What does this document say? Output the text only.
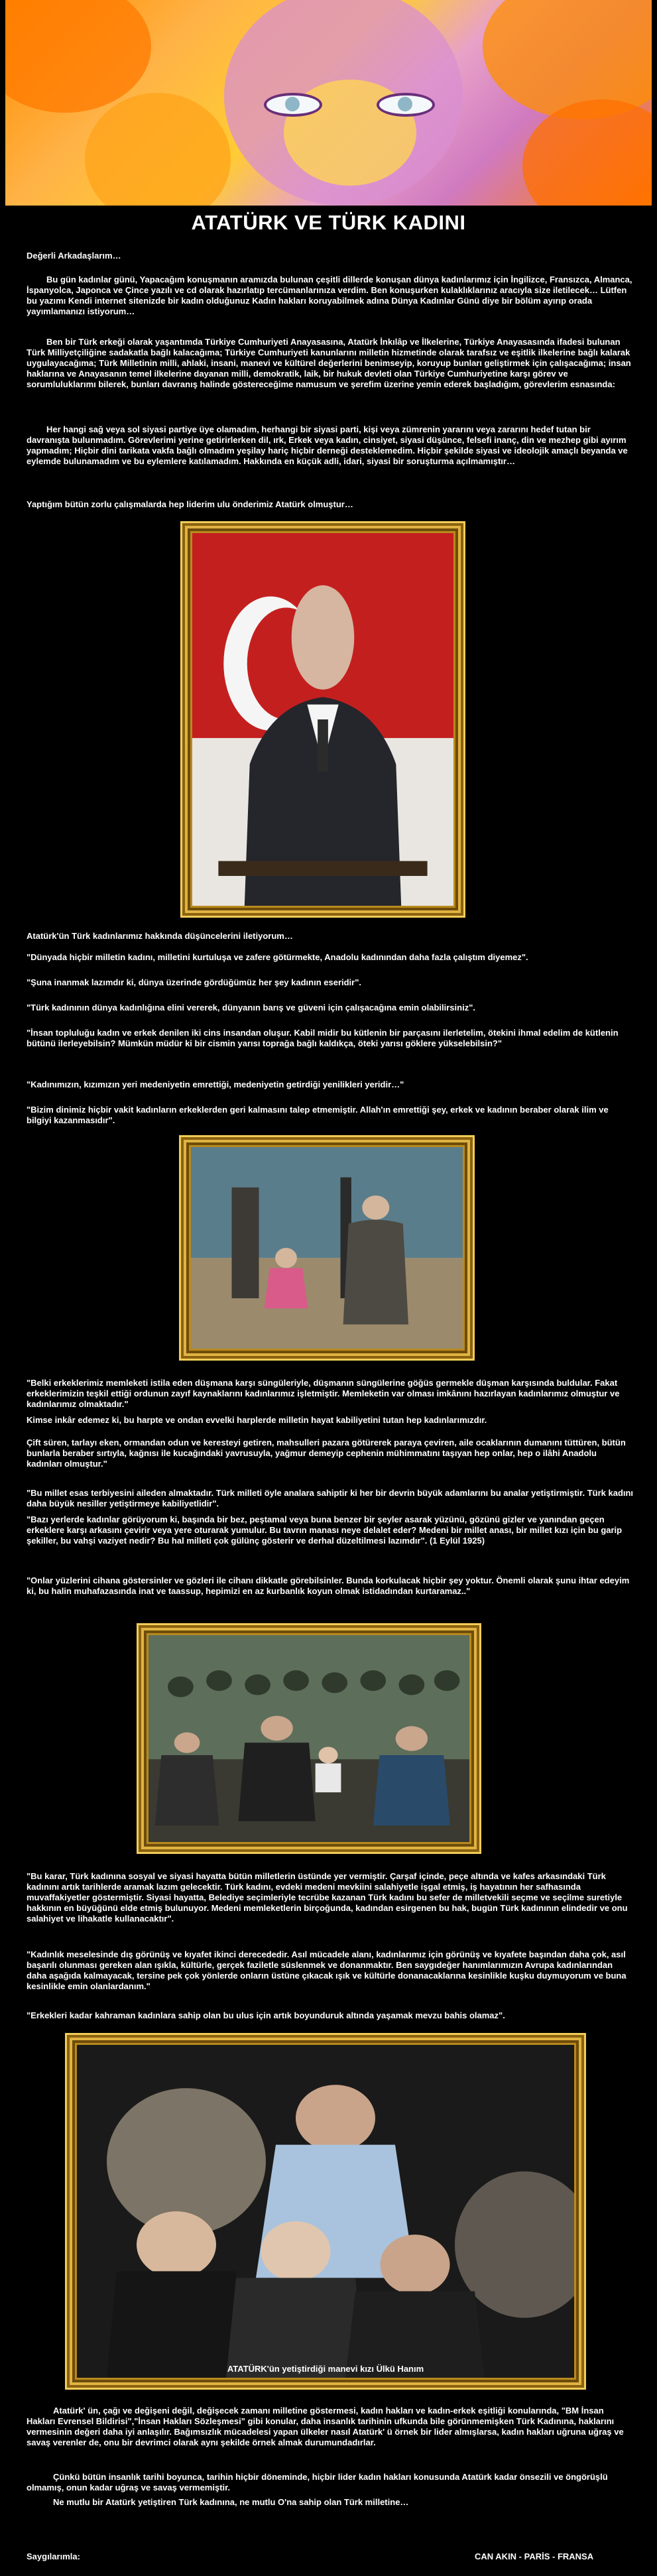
ATATÜRK VE TÜRK KADINI

Değerli Arkadaşlarım…

Bu gün kadınlar günü, Yapacağım konuşmanın aramızda bulunan çeşitli dillerde konuşan dünya kadınlarımız için İngilizce, Fransızca, Almanca, İspanyolca, Japonca ve Çince yazılı ve cd olarak hazırlatıp tercümanlarınıza verdim. Ben konuşurken kulaklıklarınız aracıyla size iletilecek… Lütfen bu yazımı Kendi internet sitenizde bir kadın olduğunuz Kadın hakları koruyabilmek adına Dünya Kadınlar Günü diye bir bölüm ayırıp orada yayımlamanızı istiyorum…

Ben bir Türk erkeği olarak yaşantımda Türkiye Cumhuriyeti Anayasasına, Atatürk İnkılâp ve İlkelerine, Türkiye Anayasasında ifadesi bulunan Türk Milliyetçiliğine sadakatla bağlı kalacağıma; Türkiye Cumhuriyeti kanunlarını milletin hizmetinde olarak tarafsız ve eşitlik ilkelerine bağlı kalarak uygulayacağıma; Türk Milletinin milli, ahlaki, insani, manevi ve kültürel değerlerini benimseyip, koruyup bunları geliştirmek için çalışacağıma; insan haklarına ve Anayasanın temel ilkelerine dayanan milli, demokratik, laik, bir hukuk devleti olan Türkiye Cumhuriyetine karşı görev ve sorumluluklarımı bilerek, bunları davranış halinde göstereceğime namusum ve şerefim üzerine yemin ederek başladığım, görevlerim esnasında:

Her hangi sağ veya sol siyasi partiye üye olamadım, herhangi bir siyasi parti, kişi veya zümrenin yararını veya zararını hedef tutan bir davranışta bulunmadım. Görevlerimi yerine getirirlerken dil, ırk, Erkek veya kadın, cinsiyet, siyasi düşünce, felsefi inanç, din ve mezhep gibi ayırım yapmadım; Hiçbir dini tarikata vakfa bağlı olmadım yeşilay hariç hiçbir derneği desteklemedim. Hiçbir şekilde siyasi ve ideolojik amaçlı beyanda ve eylemde bulunamadım ve bu eylemlere katılamadım. Hakkında en küçük adli, idari, siyasi bir soruşturma açılmamıştır…

Yaptığım bütün zorlu çalışmalarda hep liderim ulu önderimiz Atatürk olmuştur…

Atatürk'ün Türk kadınlarımız hakkında düşüncelerini iletiyorum…

"Dünyada hiçbir milletin kadını, milletini kurtuluşa ve zafere götürmekte, Anadolu kadınından daha fazla çalıştım diyemez".

"Şuna inanmak lazımdır ki, dünya üzerinde gördüğümüz her şey kadının eseridir".

"Türk kadınının dünya kadınlığına elini vererek, dünyanın barış ve güveni için çalışacağına emin olabilirsiniz".

"İnsan topluluğu kadın ve erkek denilen iki cins insandan oluşur. Kabil midir bu kütlenin bir parçasını ilerletelim, ötekini ihmal edelim de kütlenin bütünü ilerleyebilsin? Mümkün müdür ki bir cismin yarısı toprağa bağlı kaldıkça, öteki yarısı göklere yükselebilsin?"

"Kadınımızın, kızımızın yeri medeniyetin emrettiği, medeniyetin getirdiği yenilikleri yeridir…"

"Bizim dinimiz hiçbir vakit kadınların erkeklerden geri kalmasını talep etmemiştir. Allah'ın emrettiği şey, erkek ve kadının beraber olarak ilim ve bilgiyi kazanmasıdır".

"Belki erkeklerimiz memleketi istila eden düşmana karşı süngüleriyle, düşmanın süngülerine göğüs germekle düşman karşısında buldular. Fakat erkeklerimizin teşkil ettiği ordunun zayıf kaynaklarını kadınlarımız işletmiştir. Memleketin var olması imkânını hazırlayan kadınlarımız olmuştur ve kadınlarımız olmaktadır."

Kimse inkâr edemez ki, bu harpte ve ondan evvelki harplerde milletin hayat kabiliyetini tutan hep kadınlarımızdır.

Çift süren, tarlayı eken, ormandan odun ve keresteyi getiren, mahsulleri pazara götürerek paraya çeviren, aile ocaklarının dumanını tüttüren, bütün bunlarla beraber sırtıyla, kağnısı ile kucağındaki yavrusuyla, yağmur demeyip cephenin mühimmatını taşıyan hep onlar, hep o ilâhi Anadolu kadınları olmuştur."

"Bu millet esas terbiyesini aileden almaktadır. Türk milleti öyle analara sahiptir ki her bir devrin büyük adamlarını bu analar yetiştirmiştir. Türk kadını daha büyük nesiller yetiştirmeye kabiliyetlidir".

"Bazı yerlerde kadınlar görüyorum ki, başında bir bez, peştamal veya buna benzer bir şeyler asarak yüzünü, gözünü gizler ve yanından geçen erkeklere karşı arkasını çevirir veya yere oturarak yumulur. Bu tavrın manası neye delalet eder? Medeni bir millet anası, bir millet kızı için bu garip şekiller, bu vahşi vaziyet nedir? Bu hal milleti çok gülünç gösterir ve derhal düzeltilmesi lazımdır". (1 Eylül 1925)

"Onlar yüzlerini cihana göstersinler ve gözleri ile cihanı dikkatle görebilsinler. Bunda korkulacak hiçbir şey yoktur. Önemli olarak şunu ihtar edeyim ki, bu halin muhafazasında inat ve taassup, hepimizi en az kurbanlık koyun olmak istidadından kurtaramaz.."

"Bu karar, Türk kadınına sosyal ve siyasi hayatta bütün milletlerin üstünde yer vermiştir. Çarşaf içinde, peçe altında ve kafes arkasındaki Türk kadınını artık tarihlerde aramak lazım gelecektir. Türk kadını, evdeki medeni mevkiini salahiyetle işgal etmiş, iş hayatının her safhasında muvaffakiyetler göstermiştir. Siyasi hayatta, Belediye seçimleriyle tecrübe kazanan Türk kadını bu sefer de milletvekili seçme ve seçilme suretiyle hakkının en büyüğünü elde etmiş bulunuyor. Medeni memleketlerin birçoğunda, kadından esirgenen bu hak, bugün Türk kadınının elindedir ve onu salahiyet ve lihakatle kullanacaktır".

"Kadınlık meselesinde dış görünüş ve kıyafet ikinci derecededir. Asıl mücadele alanı, kadınlarımız için görünüş ve kıyafete başından daha çok, asıl başarılı olunması gereken alan ışıkla, kültürle, gerçek faziletle süslenmek ve donanmaktır. Ben saygıdeğer hanımlarımızın Avrupa kadınlarından daha aşağıda kalmayacak, tersine pek çok yönlerde onların üstüne çıkacak ışık ve kültürle donanacaklarına kesinlikle kuşku duymuyorum ve buna kesinlikle emin olanlardanım."

"Erkekleri kadar kahraman kadınlara sahip olan bu ulus için artık boyunduruk altında yaşamak mevzu bahis olamaz".

ATATÜRK'ün yetiştirdiği manevi kızı Ülkü Hanım

Atatürk' ün, çağı ve değişeni değil, değişecek zamanı milletine göstermesi, kadın hakları ve kadın-erkek eşitliği konularında, "BM İnsan Hakları Evrensel Bildirisi","İnsan Hakları Sözleşmesi" gibi konular, daha insanlık tarihinin ufkunda bile görünmemişken Türk Kadınına, haklarını vermesinin değeri daha iyi anlaşılır. Bağımsızlık mücadelesi yapan ülkeler nasıl Atatürk' ü örnek bir lider almışlarsa, kadın hakları uğruna uğraş ve savaş verenler de, onu bir devrimci olarak aynı şekilde örnek almak durumundadırlar.

Çünkü bütün insanlık tarihi boyunca, tarihin hiçbir döneminde, hiçbir lider kadın hakları konusunda Atatürk kadar önsezili ve öngörüşlü olmamış, onun kadar uğraş ve savaş vermemiştir.

Ne mutlu bir Atatürk yetiştiren Türk kadınına, ne mutlu O'na sahip olan Türk milletine…

Saygılarımla:	CAN AKIN - PARİS - FRANSA
